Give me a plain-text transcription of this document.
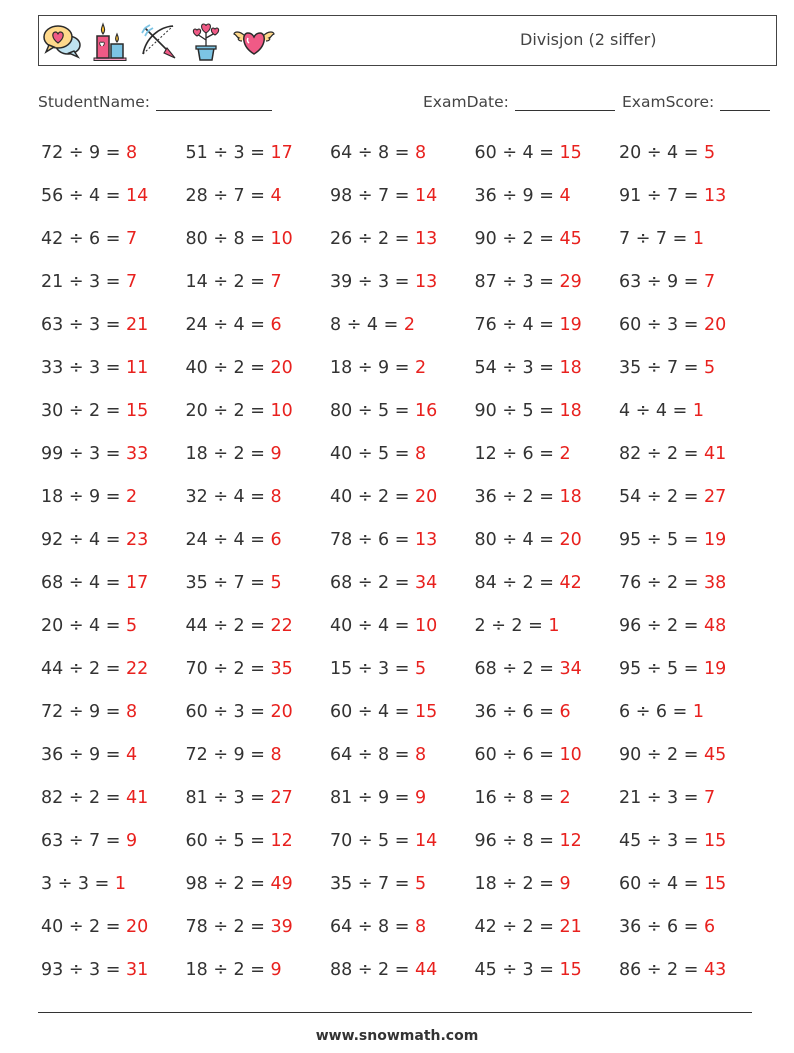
Divisjon (2 siffer)
StudentName:	ExamDate:	ExamScore:
72 ÷ 9 = 8
56 ÷ 4 = 14
42 ÷ 6 = 7
21 ÷ 3 = 7
63 ÷ 3 = 21
33 ÷ 3 = 11
30 ÷ 2 = 15
99 ÷ 3 = 33
18 ÷ 9 = 2
92 ÷ 4 = 23
68 ÷ 4 = 17
20 ÷ 4 = 5
44 ÷ 2 = 22
72 ÷ 9 = 8
36 ÷ 9 = 4
82 ÷ 2 = 41
63 ÷ 7 = 9
3 ÷ 3 = 1
40 ÷ 2 = 20
93 ÷ 3 = 31
51 ÷ 3 = 17
28 ÷ 7 = 4
80 ÷ 8 = 10
14 ÷ 2 = 7
24 ÷ 4 = 6
40 ÷ 2 = 20
20 ÷ 2 = 10
18 ÷ 2 = 9
32 ÷ 4 = 8
24 ÷ 4 = 6
35 ÷ 7 = 5
44 ÷ 2 = 22
70 ÷ 2 = 35
60 ÷ 3 = 20
72 ÷ 9 = 8
81 ÷ 3 = 27
60 ÷ 5 = 12
98 ÷ 2 = 49
78 ÷ 2 = 39
18 ÷ 2 = 9
64 ÷ 8 = 8
98 ÷ 7 = 14
26 ÷ 2 = 13
39 ÷ 3 = 13
8 ÷ 4 = 2
18 ÷ 9 = 2
80 ÷ 5 = 16
40 ÷ 5 = 8
40 ÷ 2 = 20
78 ÷ 6 = 13
68 ÷ 2 = 34
40 ÷ 4 = 10
15 ÷ 3 = 5
60 ÷ 4 = 15
64 ÷ 8 = 8
81 ÷ 9 = 9
70 ÷ 5 = 14
35 ÷ 7 = 5
64 ÷ 8 = 8
88 ÷ 2 = 44
60 ÷ 4 = 15
36 ÷ 9 = 4
90 ÷ 2 = 45
87 ÷ 3 = 29
76 ÷ 4 = 19
54 ÷ 3 = 18
90 ÷ 5 = 18
12 ÷ 6 = 2
36 ÷ 2 = 18
80 ÷ 4 = 20
84 ÷ 2 = 42
2 ÷ 2 = 1
68 ÷ 2 = 34
36 ÷ 6 = 6
60 ÷ 6 = 10
16 ÷ 8 = 2
96 ÷ 8 = 12
18 ÷ 2 = 9
42 ÷ 2 = 21
45 ÷ 3 = 15
20 ÷ 4 = 5
91 ÷ 7 = 13
7 ÷ 7 = 1
63 ÷ 9 = 7
60 ÷ 3 = 20
35 ÷ 7 = 5
4 ÷ 4 = 1
82 ÷ 2 = 41
54 ÷ 2 = 27
95 ÷ 5 = 19
76 ÷ 2 = 38
96 ÷ 2 = 48
95 ÷ 5 = 19
6 ÷ 6 = 1
90 ÷ 2 = 45
21 ÷ 3 = 7
45 ÷ 3 = 15
60 ÷ 4 = 15
36 ÷ 6 = 6
86 ÷ 2 = 43
www.snowmath.com
